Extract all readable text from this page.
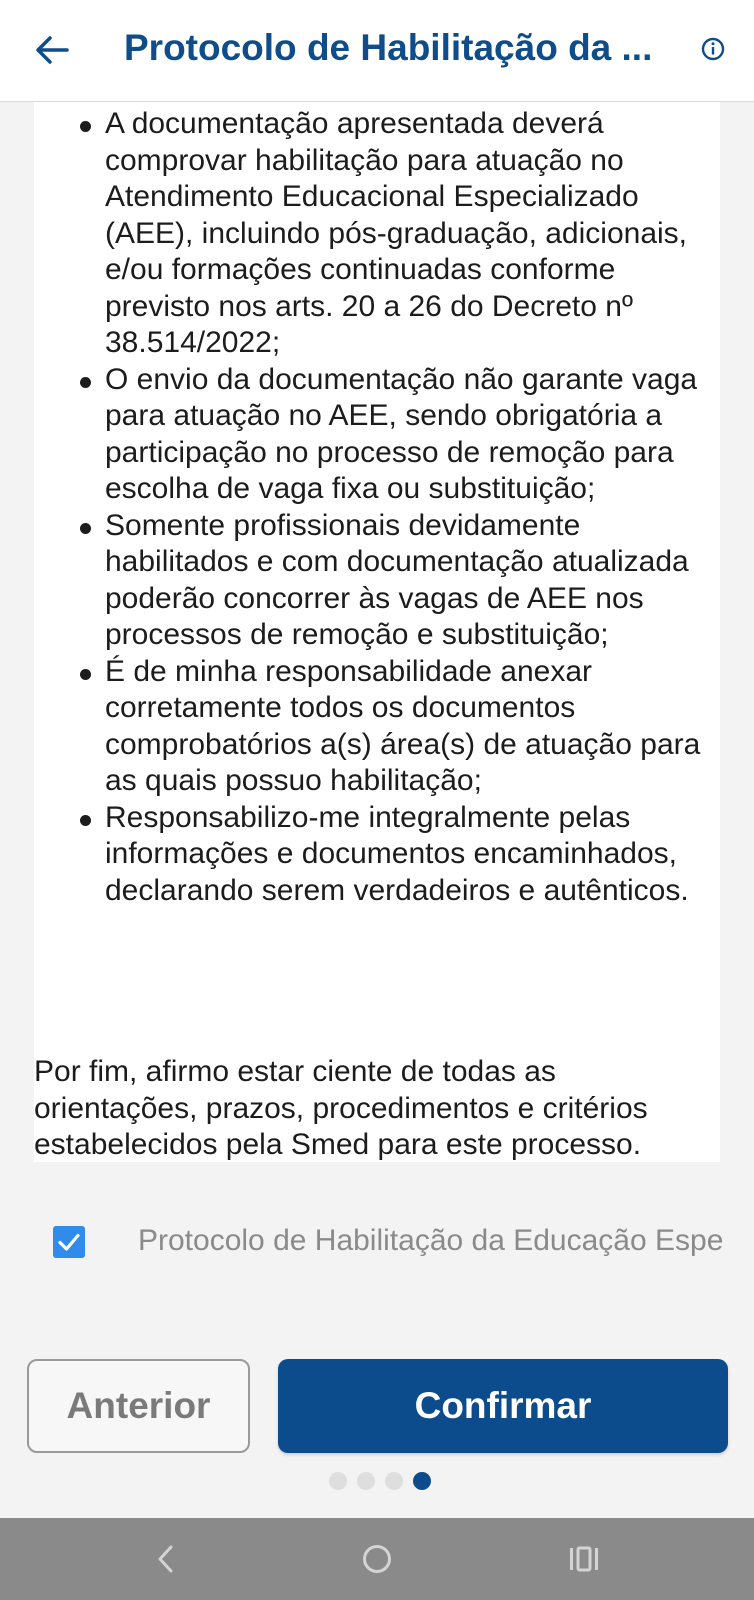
Protocolo de Habilitação da ...
A documentação apresentada deverá comprovar habilitação para atuação no Atendimento Educacional Especializado (AEE), incluindo pós-graduação, adicionais, e/ou formações continuadas conforme previsto nos arts. 20 a 26 do Decreto nº 38.514/2022;
O envio da documentação não garante vaga para atuação no AEE, sendo obrigatória a participação no processo de remoção para escolha de vaga fixa ou substituição;
Somente profissionais devidamente habilitados e com documentação atualizada poderão concorrer às vagas de AEE nos processos de remoção e substituição;
É de minha responsabilidade anexar corretamente todos os documentos comprobatórios a(s) área(s) de atuação para as quais possuo habilitação;
Responsabilizo-me integralmente pelas informações e documentos encaminhados, declarando serem verdadeiros e autênticos.

Por fim, afirmo estar ciente de todas as orientações, prazos, procedimentos e critérios estabelecidos pela Smed para este processo.

Protocolo de Habilitação da Educação Espe
Anterior	Confirmar
